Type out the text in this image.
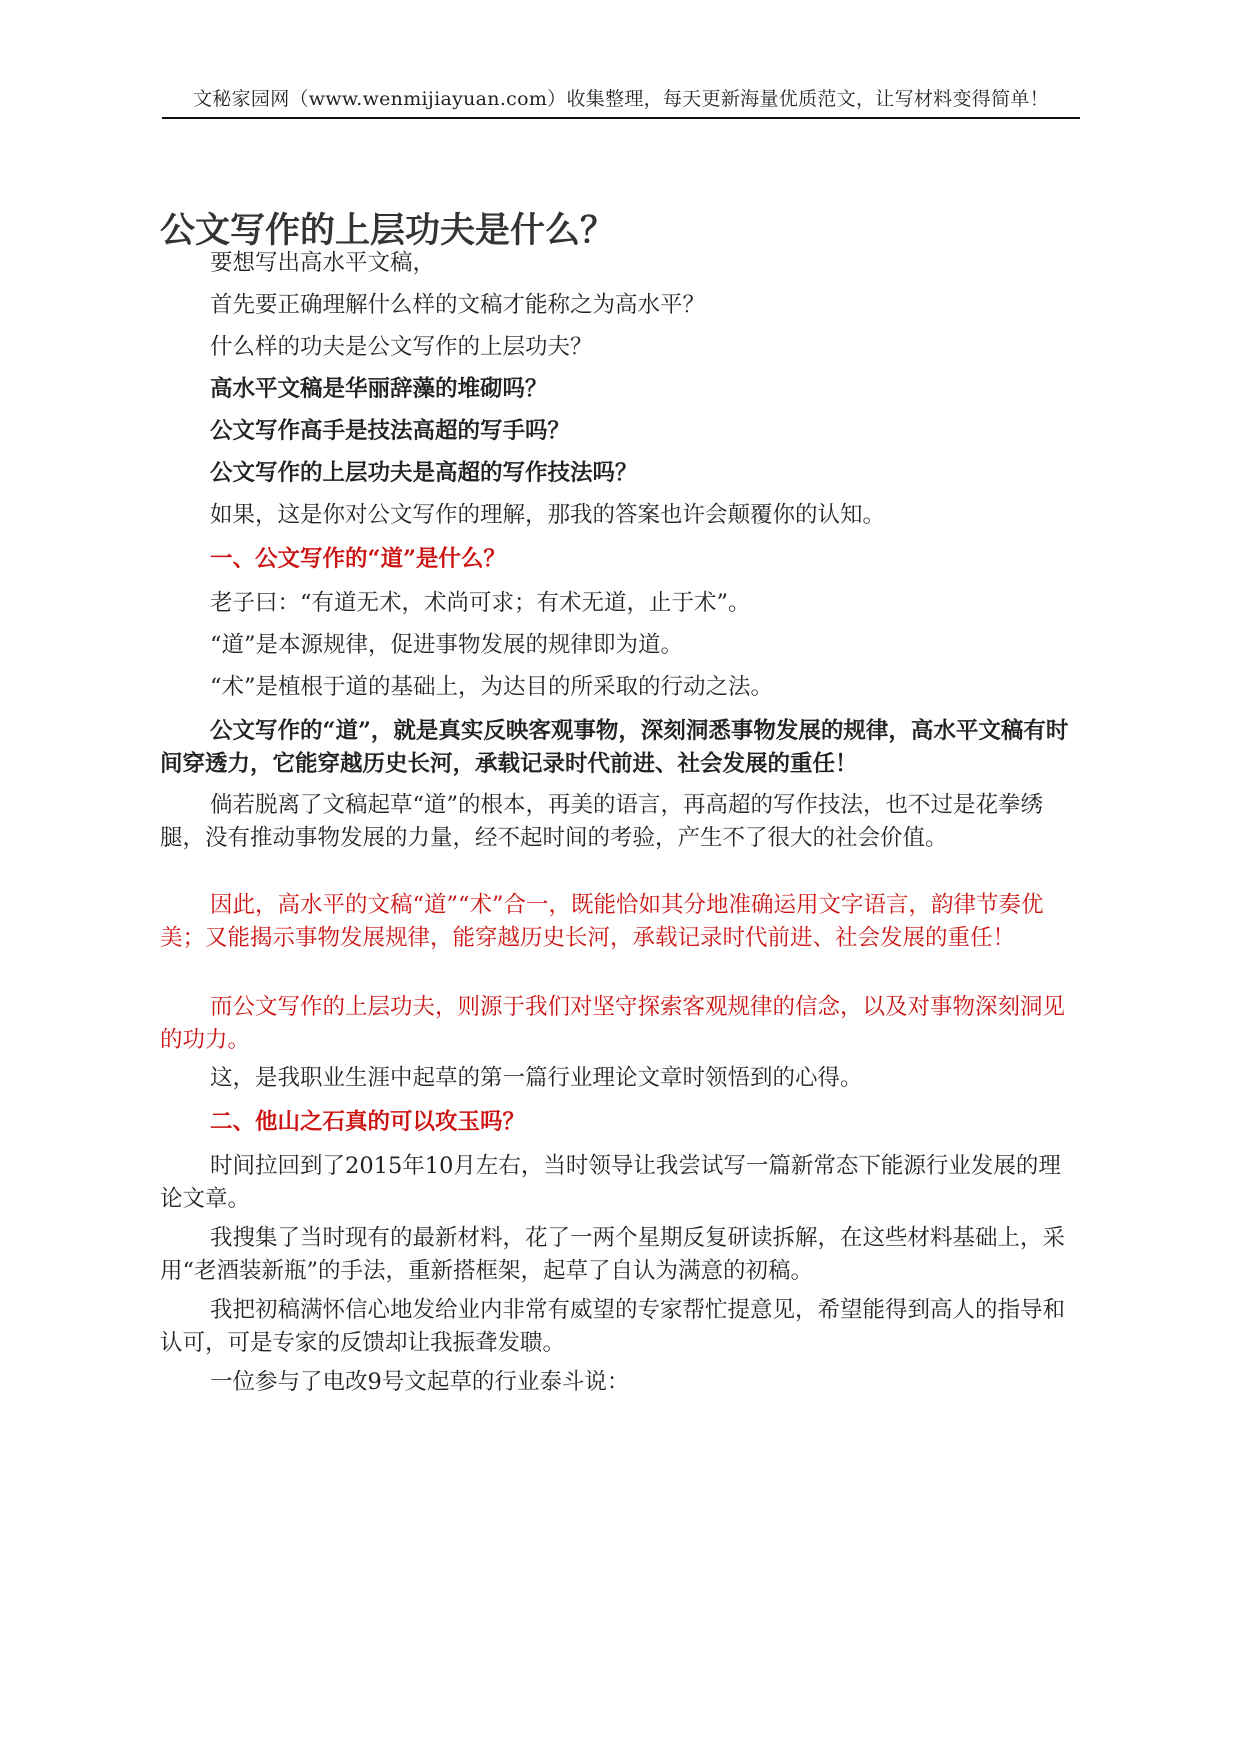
文秘家园网（www.wenmijiayuan.com）收集整理，每天更新海量优质范文，让写材料变得简单！
公文写作的上层功夫是什么？

要想写出高水平文稿，

首先要正确理解什么样的文稿才能称之为高水平？

什么样的功夫是公文写作的上层功夫？

高水平文稿是华丽辞藻的堆砌吗？

公文写作高手是技法高超的写手吗？

公文写作的上层功夫是高超的写作技法吗？

如果，这是你对公文写作的理解，那我的答案也许会颠覆你的认知。

一、公文写作的“道”是什么？

老子曰：“有道无术，术尚可求；有术无道，止于术”。

“道”是本源规律，促进事物发展的规律即为道。

“术”是植根于道的基础上，为达目的所采取的行动之法。

公文写作的“道”，就是真实反映客观事物，深刻洞悉事物发展的规律，高水平文稿有时间穿透力，它能穿越历史长河，承载记录时代前进、社会发展的重任！

倘若脱离了文稿起草“道”的根本，再美的语言，再高超的写作技法，也不过是花拳绣腿，没有推动事物发展的力量，经不起时间的考验，产生不了很大的社会价值。

因此，高水平的文稿“道”“术”合一，既能恰如其分地准确运用文字语言，韵律节奏优美；又能揭示事物发展规律，能穿越历史长河，承载记录时代前进、社会发展的重任！

而公文写作的上层功夫，则源于我们对坚守探索客观规律的信念，以及对事物深刻洞见的功力。

这，是我职业生涯中起草的第一篇行业理论文章时领悟到的心得。

二、他山之石真的可以攻玉吗？

时间拉回到了2015年10月左右，当时领导让我尝试写一篇新常态下能源行业发展的理论文章。

我搜集了当时现有的最新材料，花了一两个星期反复研读拆解，在这些材料基础上，采用“老酒装新瓶”的手法，重新搭框架，起草了自认为满意的初稿。

我把初稿满怀信心地发给业内非常有威望的专家帮忙提意见，希望能得到高人的指导和认可，可是专家的反馈却让我振聋发聩。

一位参与了电改9号文起草的行业泰斗说：
